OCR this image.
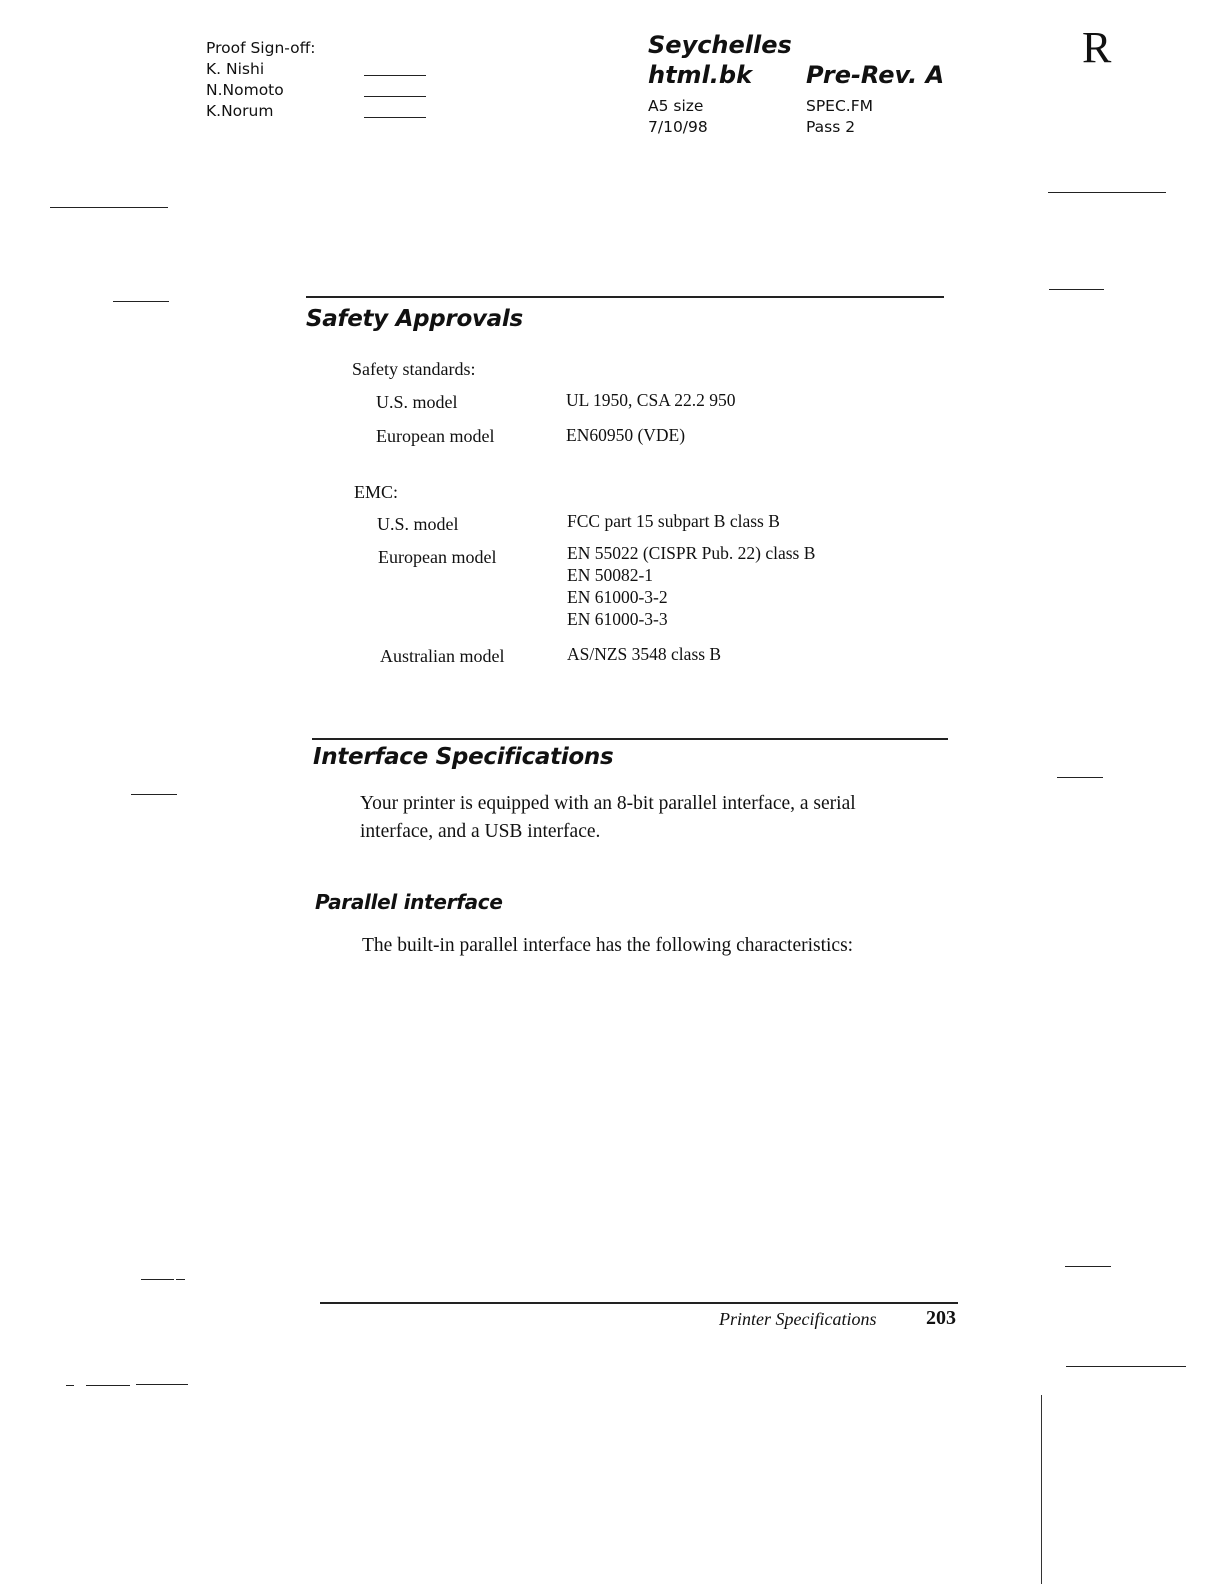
Proof Sign-off:
K. Nishi
N.Nomoto
K.Norum
Seychelles
html.bk Pre-Rev. A
A5 size
7/10/98
SPEC.FM
Pass 2
R
Safety Approvals
Safety standards:
U.S. model	UL 1950, CSA 22.2 950
European model	EN60950 (VDE)
EMC:
U.S. model	FCC part 15 subpart B class B
European model	EN 55022 (CISPR Pub. 22) class B
EN 50082-1
EN 61000-3-2
EN 61000-3-3
Australian model	AS/NZS 3548 class B
Interface Specifications
Your printer is equipped with an 8-bit parallel interface, a serial
interface, and a USB interface.
Parallel interface
The built-in parallel interface has the following characteristics:
Printer Specifications 203
